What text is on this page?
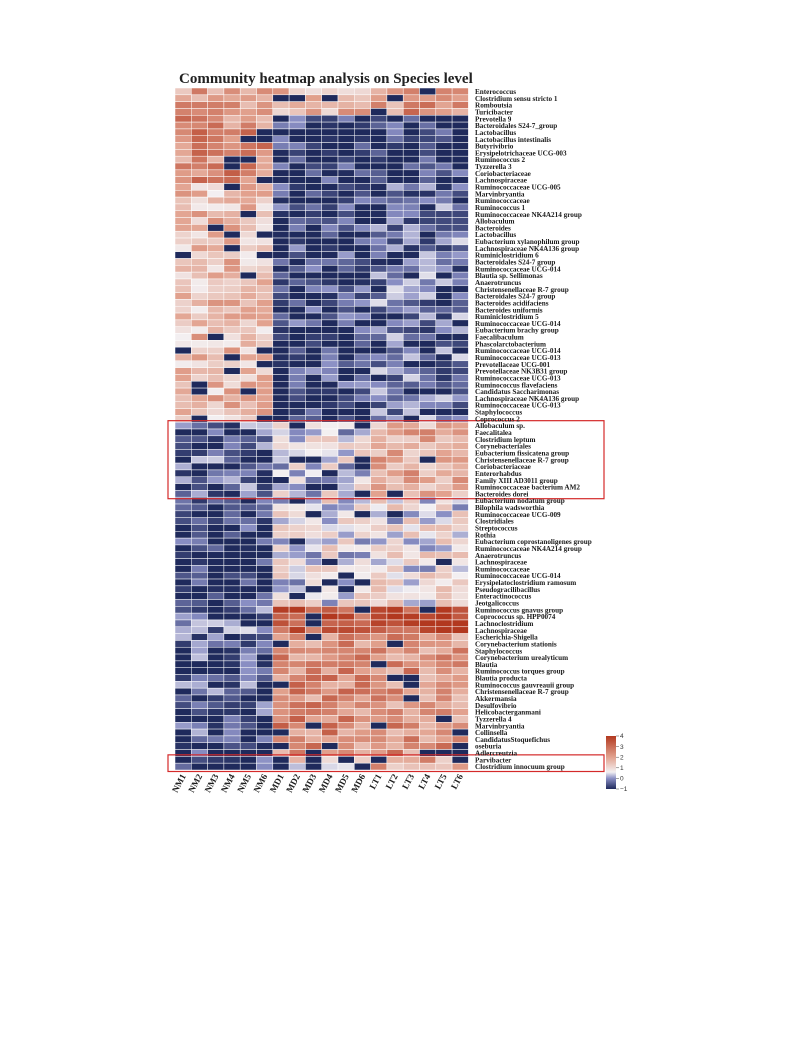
Community heatmap analysis on Species level
Enterococcus
Clostridium sensu stricto 1
Romboutsia
Turicibacter
Prevotella 9
Bacteroidales S24-7_group
Lactobacillus
Lactobacillus intestinalis
Butyrivibrio
Erysipelotrichaceae UCG-003
Ruminococcus 2
Tyzzerella 3
Coriobacteriaceae
Lachnospiraceae
Ruminococcaceae UCG-005
Marvinbryantia
Ruminococcaceae
Ruminococcus 1
Ruminococcaceae NK4A214 group
Allobaculum
Bacteroides
Lactobacillus
Eubacterium xylanophilum group
Lachnospiraceae NK4A136 group
Ruminiclostridium 6
Bacteroidales S24-7 group
Ruminococcaceae UCG-014
Blautia sp. Sellimonas
Anaerotruncus
Christensenellaceae R-7 group
Bacteroidales S24-7 group
Bacteroides acidifaciens
Bacteroides uniformis
Ruminiclostridium 5
Ruminococcaceae UCG-014
Eubacterium brachy group
Faecalibaculum
Phascolarctobacterium
Ruminococcaceae UCG-014
Ruminococcaceae UCG-013
Prevotellaceae UCG-001
Prevotellaceae NK3B31 group
Ruminococcaceae UCG-013
Ruminococcus flavefaciens
Candidatus Saccharimonas
Lachnospiraceae NK4A136 group
Ruminococcaceae UCG-013
Staphylococcus
Coprococcus 2
Allobaculum sp.
Faecalitalea
Clostridium leptum
Corynebacteriales
Eubacterium fissicatena group
Christensenellaceae R-7 group
Coriobacteriaceae
Enterorhabdus
Family XIII AD3011 group
Ruminococcaceae bacterium AM2
Bacteroides dorei
Eubacterium nodatum group
Bilophila wadsworthia
Ruminococcaceae UCG-009
Clostridiales
Streptococcus
Rothia
Eubacterium coprostanoligenes group
Ruminococcaceae NK4A214 group
Anaerotruncus
Lachnospiraceae
Ruminococcaceae
Ruminococcaceae UCG-014
Erysipelatoclostridium ramosum
Pseudogracilibacillus
Enteractinococcus
Jeotgalicoccus
Ruminococcus gnavus group
Coprococcus sp. HPP0074
Lachnoclostridium
Lachnospiraceae
Escherichia-Shigella
Corynebacterium stationis
Staphylococcus
Corynebacterium urealyticum
Blautia
Ruminococcus torques group
Blautia producta
Ruminococcus gauvreauii group
Christensenellaceae R-7 group
Akkermansia
Desulfovibrio
Helicobacterganmani
Tyzzerella 4
Marvinbryantia
Collinsella
CandidatusStoquefichus
oseburia
Adlercreutzia
Parvibacter
Clostridium innocuum group
NM1
NM2
NM3
NM4
NM5
NM6
MD1
MD2
MD3
MD4
MD5
MD6 LT1 LT2 LT3 LT4 LT5 LT6	−1
0
1
2
3
4
